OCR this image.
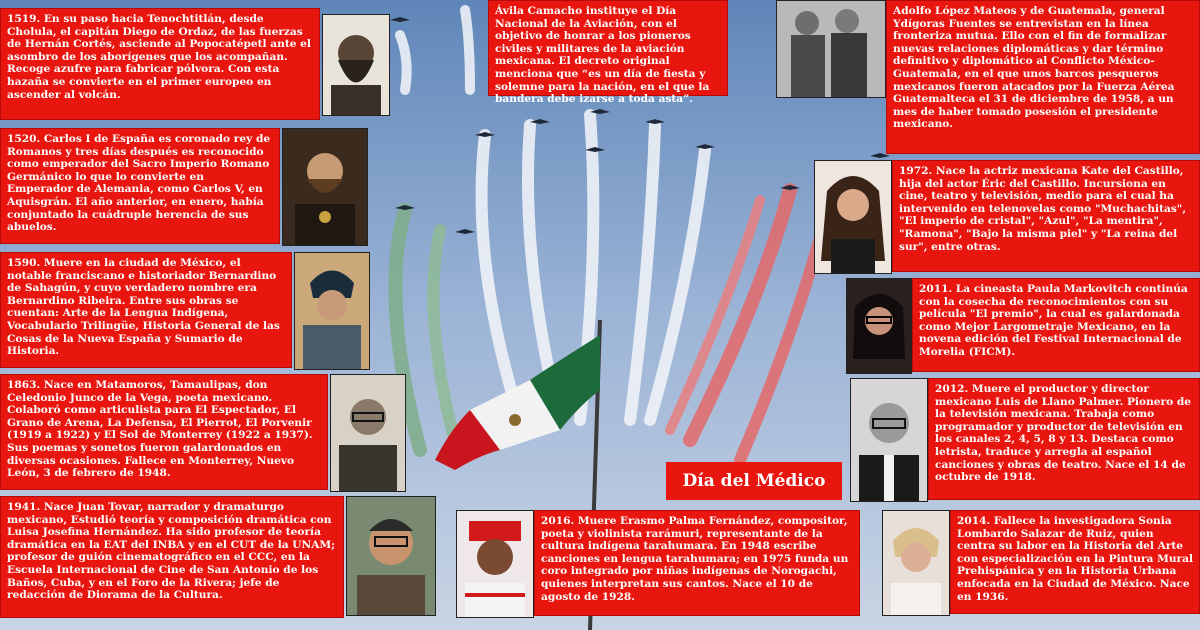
1519. En su paso hacia Tenochtitlán, desde Cholula, el capitán Diego de Ordaz, de las fuerzas de Hernán Cortés, asciende al Popocatépetl ante el asombro de los aborígenes que los acompañan. Recoge azufre para fabricar pólvora. Con esta hazaña se convierte en el primer europeo en ascender al volcán.
1520. Carlos I de España es coronado rey de Romanos y tres días después es reconocido como emperador del Sacro Imperio Romano Germánico lo que lo convierte en Emperador de Alemania, como Carlos V, en Aquisgrán. El año anterior, en enero, había conjuntado la cuádruple herencia de sus abuelos.
1590. Muere en la ciudad de México, el notable franciscano e historiador Bernardino de Sahagún, y cuyo verdadero nombre era Bernardino Ribeira. Entre sus obras se cuentan: Arte de la Lengua Indígena, Vocabulario Trilingüe, Historia General de las Cosas de la Nueva España y Sumario de Historia.
1863. Nace en Matamoros, Tamaulipas, don Celedonio Junco de la Vega, poeta mexicano. Colaboró como articulista para El Espectador, El Grano de Arena, La Defensa, El Pierrot, El Porvenir (1919 a 1922) y El Sol de Monterrey (1922 a 1937). Sus poemas y sonetos fueron galardonados en diversas ocasiones. Fallece en Monterrey, Nuevo León, 3 de febrero de 1948.
1941. Nace Juan Tovar, narrador y dramaturgo mexicano, Estudió teoría y composición dramática con Luisa Josefina Hernández. Ha sido profesor de teoría dramática en la EAT del INBA y en el CUT de la UNAM; profesor de guión cinematográfico en el CCC, en la Escuela Internacional de Cine de San Antonio de los Baños, Cuba, y en el Foro de la Rivera; jefe de redacción de Diorama de la Cultura.
Ávila Camacho instituye el Día Nacional de la Aviación, con el objetivo de honrar a los pioneros civiles y militares de la aviación mexicana. El decreto original menciona que “es un día de fiesta y solemne para la nación, en el que la bandera debe izarse a toda asta”.
Adolfo López Mateos y de Guatemala, general Ydígoras Fuentes se entrevistan en la línea fronteriza mutua. Ello con el fin de formalizar nuevas relaciones diplomáticas y dar término definitivo y diplomático al Conflicto México-Guatemala, en el que unos barcos pesqueros mexicanos fueron atacados por la Fuerza Aérea Guatemalteca el 31 de diciembre de 1958, a un mes de haber tomado posesión el presidente mexicano.
1972. Nace la actriz mexicana Kate del Castillo, hija del actor Éric del Castillo. Incursiona en cine, teatro y televisión, medio para el cual ha intervenido en telenovelas como "Muchachitas", "El imperio de cristal", "Azul", "La mentira", "Ramona", "Bajo la misma piel" y "La reina del sur", entre otras.
2011. La cineasta Paula Markovitch continúa con la cosecha de reconocimientos con su película "El premio", la cual es galardonada como Mejor Largometraje Mexicano, en la novena edición del Festival Internacional de Morelia (FICM).
2012. Muere el productor y director mexicano Luis de Llano Palmer. Pionero de la televisión mexicana. Trabaja como programador y productor de televisión en los canales 2, 4, 5, 8 y 13. Destaca como letrista, traduce y arregla al español canciones y obras de teatro. Nace el 14 de octubre de 1918.
Día del Médico
2016. Muere Erasmo Palma Fernández, compositor, poeta y violinista rarámuri, representante de la cultura indígena tarahumara. En 1948 escribe canciones en lengua tarahumara; en 1975 funda un coro integrado por niñas indígenas de Norogachi, quienes interpretan sus cantos. Nace el 10 de agosto de 1928.
2014. Fallece la investigadora Sonia Lombardo Salazar de Ruiz, quien centra su labor en la Historia del Arte con especialización en la Pintura Mural Prehispánica y en la Historia Urbana enfocada en la Ciudad de México. Nace en 1936.
